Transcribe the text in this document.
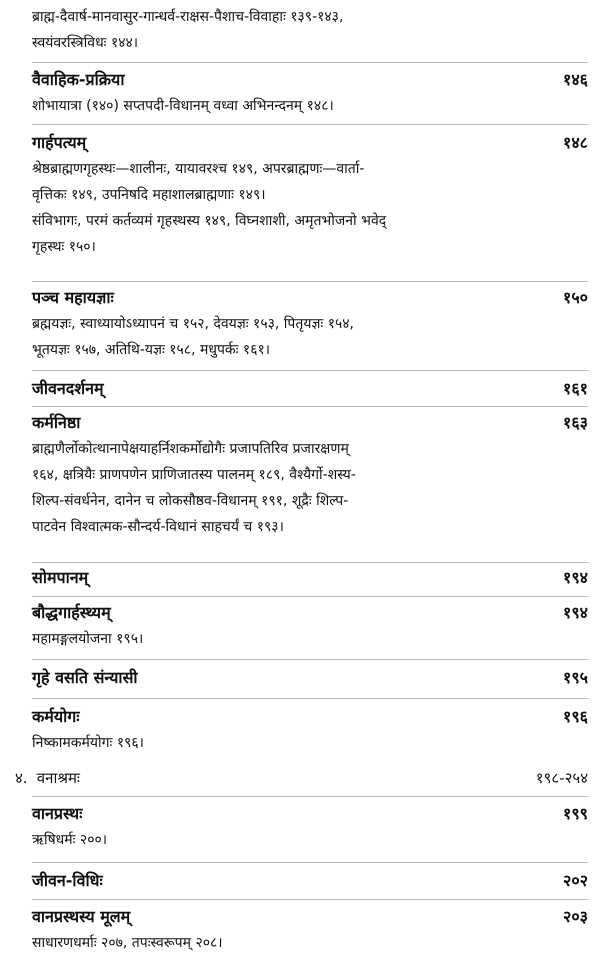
ब्राह्म-दैवार्ष-मानवासुर-गान्धर्व-राक्षस-पैशाच-विवाहाः १३९-१४३,

स्वयंवरस्त्रिविधः १४४।

वैवाहिक-प्रक्रिया	१४६

शोभायात्रा (१४०) सप्तपदी-विधानम् वध्वा अभिनन्दनम् १४८।

गार्हपत्यम्	१४८

श्रेष्ठब्राह्मणगृहस्थः—शालीनः, यायावरश्च १४९, अपरब्राह्मणः—वार्ता-

वृत्तिकः १४९, उपनिषदि महाशालब्राह्मणाः १४९।

संविभागः, परमं कर्तव्यमं गृहस्थस्य १४९, विघ्नशाशी, अमृतभोजनो भवेद्

गृहस्थः १५०।

पञ्च महायज्ञाः	१५०

ब्रह्मयज्ञः, स्वाध्यायोऽध्यापनं च १५२, देवयज्ञः १५३, पितृयज्ञः १५४,

भूतयज्ञः १५७, अतिथि-यज्ञः १५८, मधुपर्कः १६१।

जीवनदर्शनम्	१६१
कर्मनिष्ठा	१६३

ब्राह्मणैर्लोकोत्थानापेक्षयाहर्निशकर्मोद्योगैः प्रजापतिरिव प्रजारक्षणम्

१६४, क्षत्रियैः प्राणपणेन प्राणिजातस्य पालनम् १८९, वैश्यैर्गो-शस्य-

शिल्प-संवर्धनेन, दानेन च लोकसौष्ठव-विधानम् १९१, शूद्रैः शिल्प-

पाटवेन विश्वात्मक-सौन्दर्य-विधानं साहचर्यं च १९३।

सोमपानम्	१९४
बौद्धगार्हस्थ्यम्	१९४

महामङ्गलयोजना १९५।

गृहे वसति संन्यासी	१९५
कर्मयोगः	१९६

निष्कामकर्मयोगः १९६।

४. वनाश्रमः	१९८-२५४
वानप्रस्थः	१९९

ऋषिधर्मः २००।

जीवन-विधिः	२०२
वानप्रस्थस्य मूलम्	२०३

साधारणधर्माः २०७, तपःस्वरूपम् २०८।
